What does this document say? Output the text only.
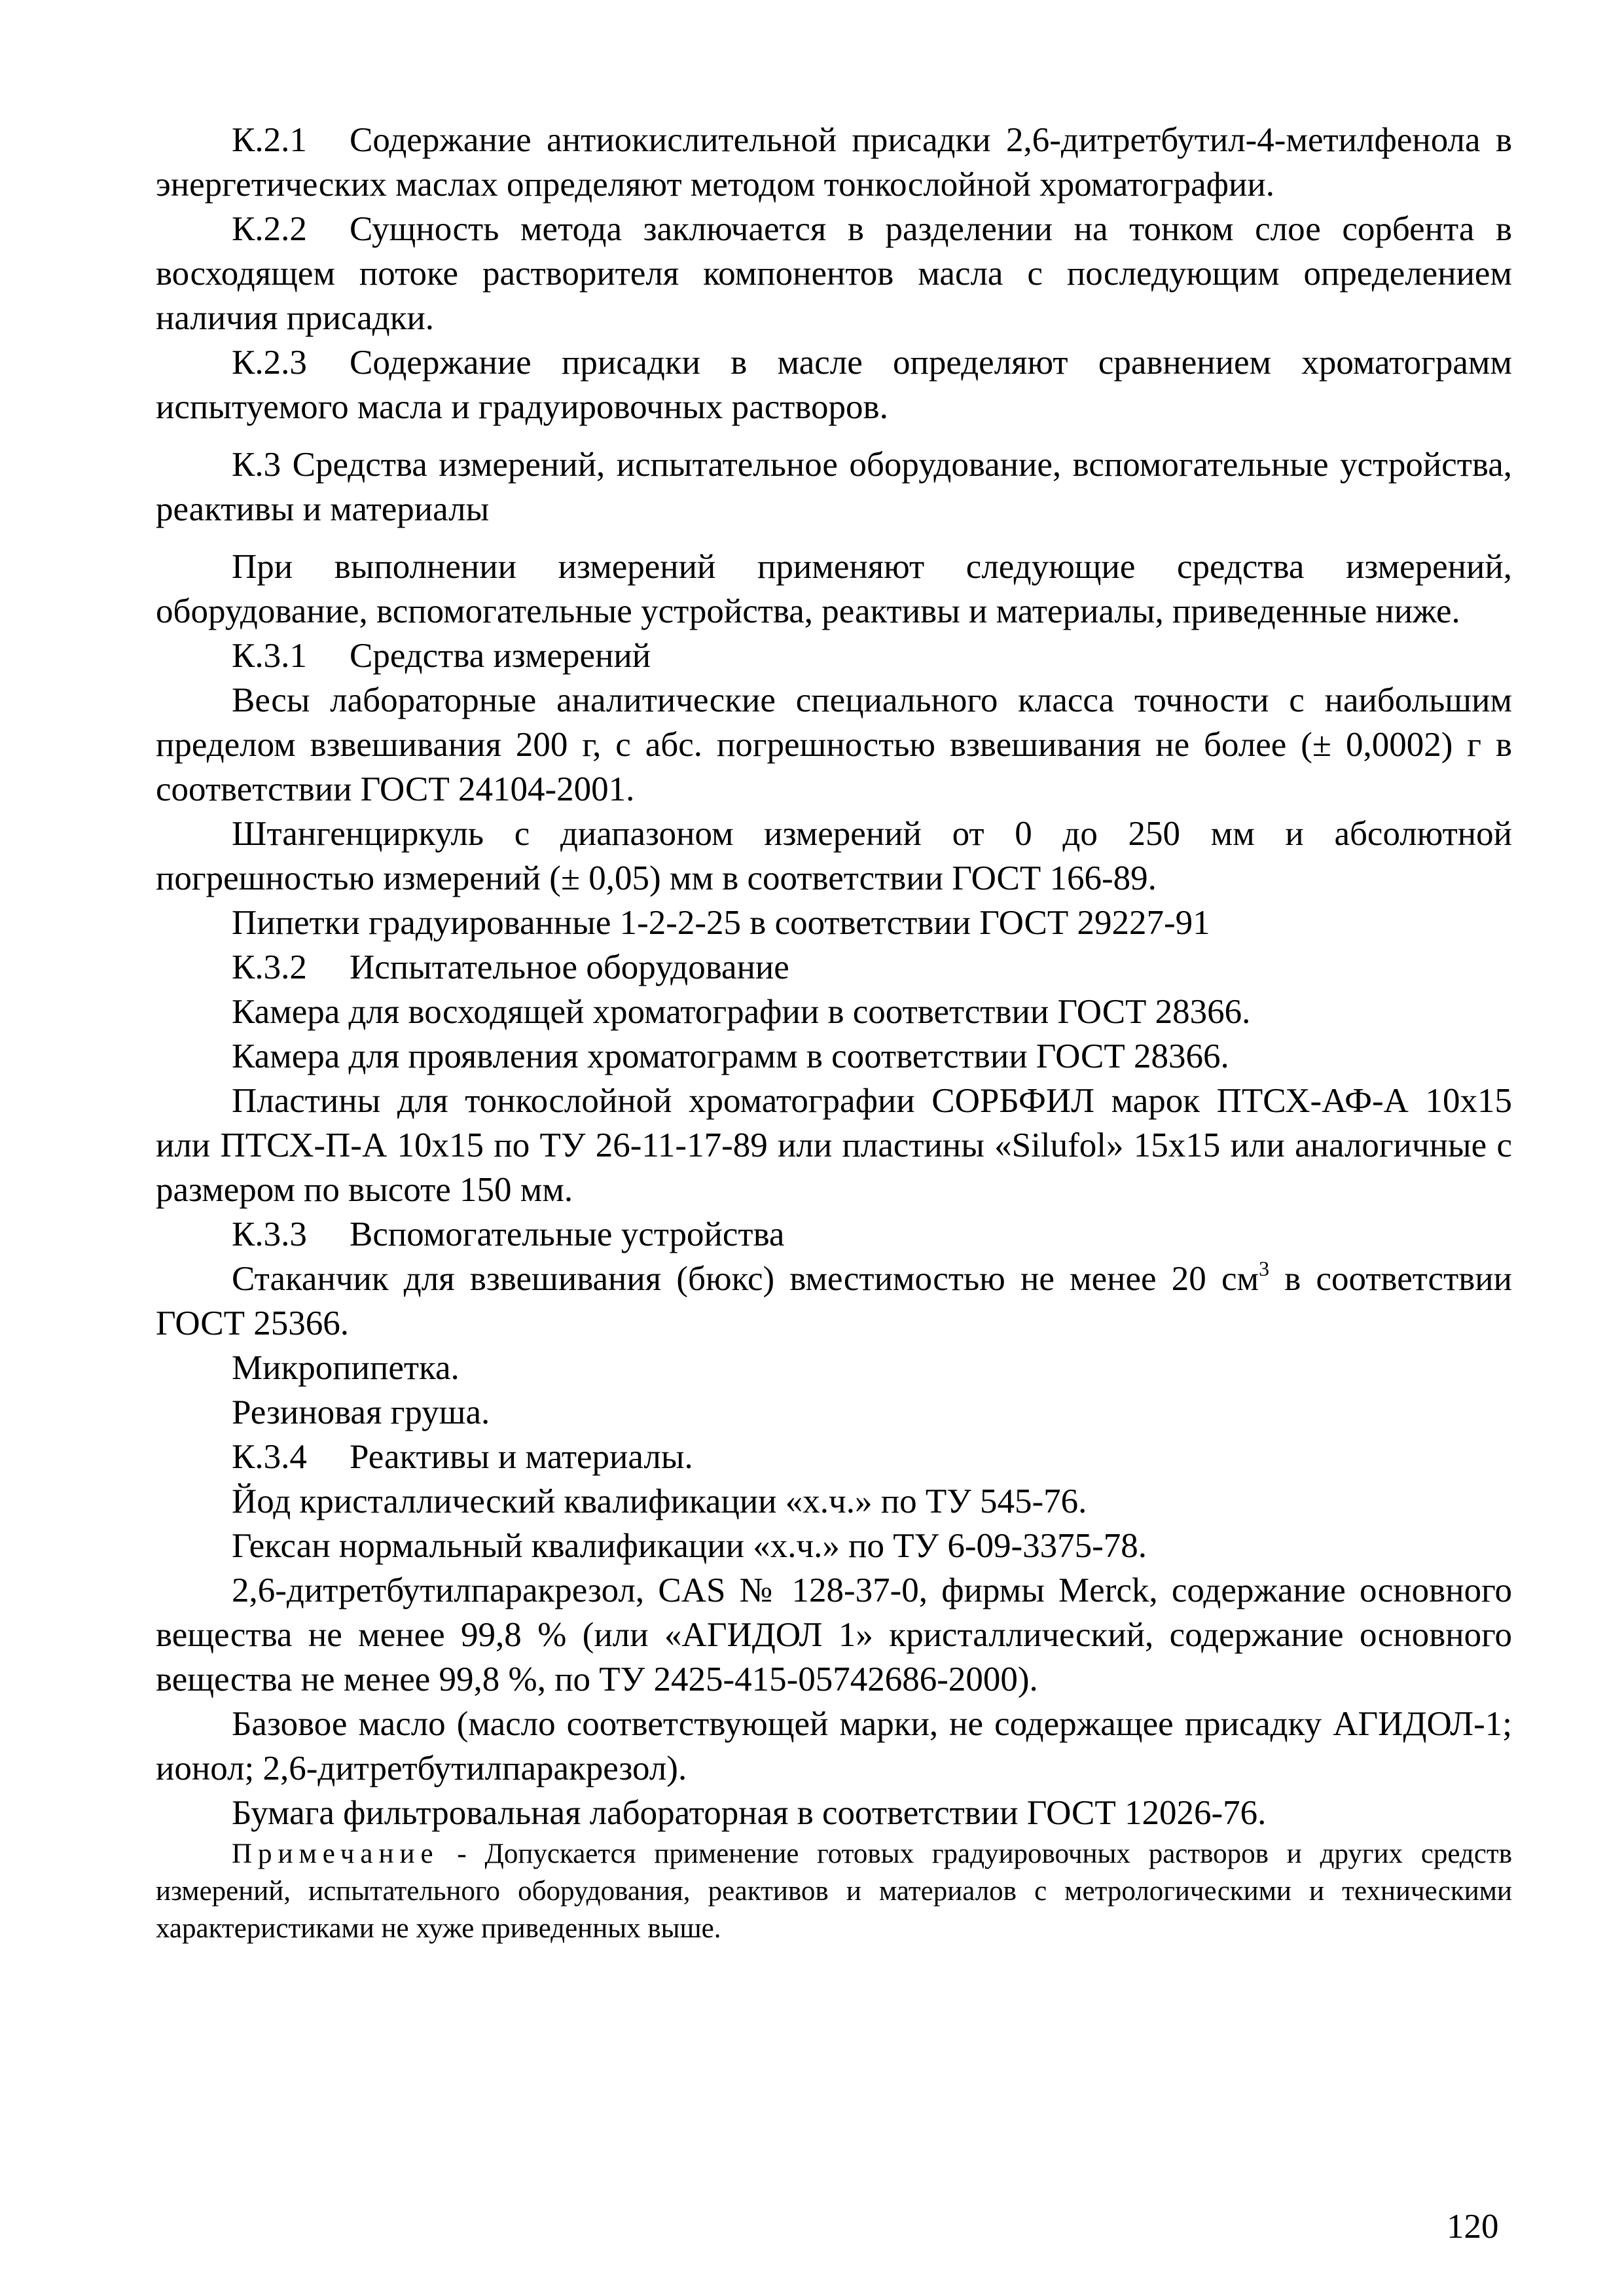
К.2.1 Содержание антиокислительной присадки 2,6-дитретбутил-4-метилфенола в энергетических маслах определяют методом тонкослойной хроматографии.

К.2.2 Сущность метода заключается в разделении на тонком слое сорбента в восходящем потоке растворителя компонентов масла с последующим определением наличия присадки.

К.2.3 Содержание присадки в масле определяют сравнением хроматограмм испытуемого масла и градуировочных растворов.

К.3 Средства измерений, испытательное оборудование, вспомогательные устройства, реактивы и материалы

При выполнении измерений применяют следующие средства измерений, оборудование, вспомогательные устройства, реактивы и материалы, приведенные ниже.

К.3.1 Средства измерений

Весы лабораторные аналитические специального класса точности с наибольшим пределом взвешивания 200 г, с абс. погрешностью взвешивания не более (± 0,0002) г в соответствии ГОСТ 24104-2001.

Штангенциркуль с диапазоном измерений от 0 до 250 мм и абсолютной погрешностью измерений (± 0,05) мм в соответствии ГОСТ 166-89.

Пипетки градуированные 1-2-2-25 в соответствии ГОСТ 29227-91

К.3.2 Испытательное оборудование

Камера для восходящей хроматографии в соответствии ГОСТ 28366.

Камера для проявления хроматограмм в соответствии ГОСТ 28366.

Пластины для тонкослойной хроматографии СОРБФИЛ марок ПТСХ-АФ-А 10х15 или ПТСХ-П-А 10х15 по ТУ 26-11-17-89 или пластины «Silufol» 15х15 или аналогичные с размером по высоте 150 мм.

К.3.3 Вспомогательные устройства

Стаканчик для взвешивания (бюкс) вместимостью не менее 20 $см^3$ в соответствии ГОСТ 25366.

Микропипетка.

Резиновая груша.

К.3.4 Реактивы и материалы.

Йод кристаллический квалификации «х.ч.» по ТУ 545-76.

Гексан нормальный квалификации «х.ч.» по ТУ 6-09-3375-78.

2,6-дитретбутилпаракрезол, CAS № 128-37-0, фирмы Merck, содержание основного вещества не менее 99,8 % (или «АГИДОЛ 1» кристаллический, содержание основного вещества не менее 99,8 %, по ТУ 2425-415-05742686-2000).

Базовое масло (масло соответствующей марки, не содержащее присадку АГИДОЛ-1; ионол; 2,6-дитретбутилпаракрезол).

Бумага фильтровальная лабораторная в соответствии ГОСТ 12026-76.

Примечание - Допускается применение готовых градуировочных растворов и других средств измерений, испытательного оборудования, реактивов и материалов с метрологическими и техническими характеристиками не хуже приведенных выше.

120
